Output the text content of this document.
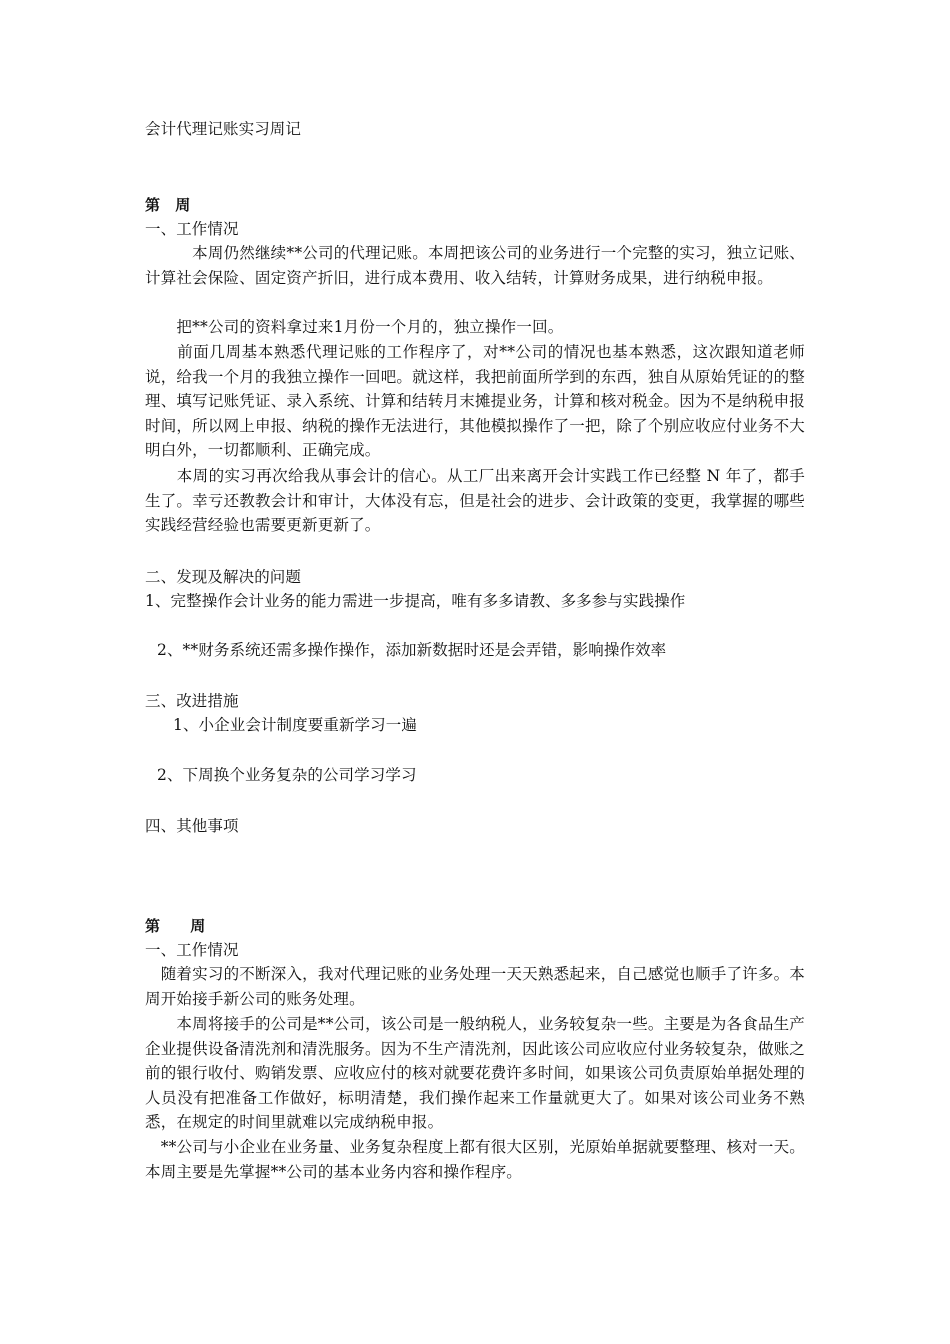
会计代理记账实习周记
第　周
一、工作情况
　　　本周仍然继续**公司的代理记账。本周把该公司的业务进行一个完整的实习，独立记账、计算社会保险、固定资产折旧，进行成本费用、收入结转，计算财务成果，进行纳税申报。
　　把**公司的资料拿过来1月份一个月的，独立操作一回。
　　前面几周基本熟悉代理记账的工作程序了，对**公司的情况也基本熟悉，这次跟知道老师说，给我一个月的我独立操作一回吧。就这样，我把前面所学到的东西，独自从原始凭证的的整理、填写记账凭证、录入系统、计算和结转月末摊提业务，计算和核对税金。因为不是纳税申报时间，所以网上申报、纳税的操作无法进行，其他模拟操作了一把，除了个别应收应付业务不大明白外，一切都顺利、正确完成。
　　本周的实习再次给我从事会计的信心。从工厂出来离开会计实践工作已经整 N 年了，都手生了。幸亏还教教会计和审计，大体没有忘，但是社会的进步、会计政策的变更，我掌握的哪些实践经营经验也需要更新更新了。
二、发现及解决的问题
1、完整操作会计业务的能力需进一步提高，唯有多多请教、多多参与实践操作
2、**财务系统还需多操作操作，添加新数据时还是会弄错，影响操作效率
三、改进措施
1、小企业会计制度要重新学习一遍
2、下周换个业务复杂的公司学习学习
四、其他事项
第　　周
一、工作情况
　随着实习的不断深入，我对代理记账的业务处理一天天熟悉起来，自己感觉也顺手了许多。本周开始接手新公司的账务处理。
　　本周将接手的公司是**公司，该公司是一般纳税人，业务较复杂一些。主要是为各食品生产企业提供设备清洗剂和清洗服务。因为不生产清洗剂，因此该公司应收应付业务较复杂，做账之前的银行收付、购销发票、应收应付的核对就要花费许多时间，如果该公司负责原始单据处理的人员没有把准备工作做好，标明清楚，我们操作起来工作量就更大了。如果对该公司业务不熟悉，在规定的时间里就难以完成纳税申报。
　**公司与小企业在业务量、业务复杂程度上都有很大区别，光原始单据就要整理、核对一天。本周主要是先掌握**公司的基本业务内容和操作程序。
